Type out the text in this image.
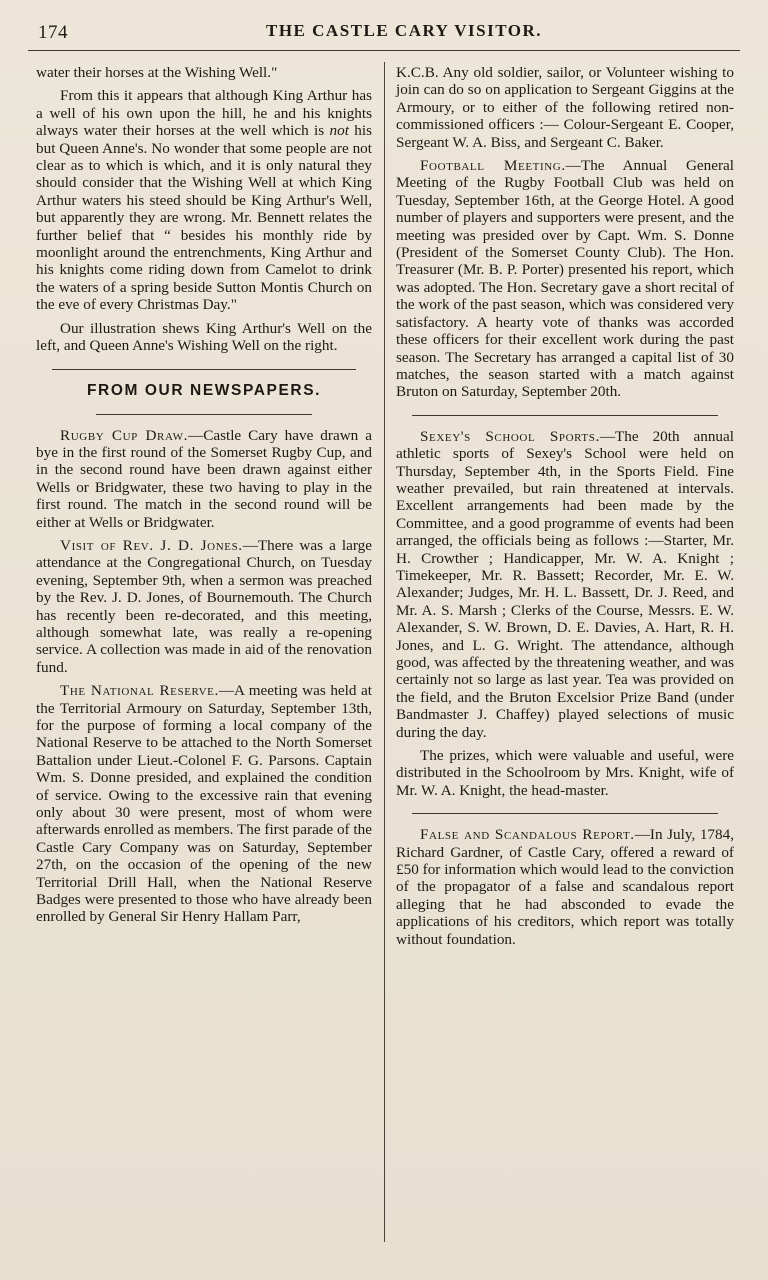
174	THE CASTLE CARY VISITOR.

water their horses at the Wishing Well."

From this it appears that although King Arthur has a well of his own upon the hill, he and his knights always water their horses at the well which is not his but Queen Anne's. No wonder that some people are not clear as to which is which, and it is only natural they should consider that the Wishing Well at which King Arthur waters his steed should be King Arthur's Well, but apparently they are wrong. Mr. Bennett relates the further belief that “ besides his monthly ride by moonlight around the entrenchments, King Arthur and his knights come riding down from Camelot to drink the waters of a spring beside Sutton Montis Church on the eve of every Christmas Day."

Our illustration shews King Arthur's Well on the left, and Queen Anne's Wishing Well on the right.

FROM OUR NEWSPAPERS.

Rugby Cup Draw.—Castle Cary have drawn a bye in the first round of the Somerset Rugby Cup, and in the second round have been drawn against either Wells or Bridgwater, these two having to play in the first round. The match in the second round will be either at Wells or Bridgwater.

Visit of Rev. J. D. Jones.—There was a large attendance at the Congregational Church, on Tuesday evening, September 9th, when a sermon was preached by the Rev. J. D. Jones, of Bournemouth. The Church has recently been re-decorated, and this meeting, although somewhat late, was really a re-opening service. A collection was made in aid of the renovation fund.

The National Reserve.—A meeting was held at the Territorial Armoury on Saturday, September 13th, for the purpose of forming a local company of the National Reserve to be attached to the North Somerset Battalion under Lieut.-Colonel F. G. Parsons. Captain Wm. S. Donne presided, and explained the condition of service. Owing to the excessive rain that evening only about 30 were present, most of whom were afterwards enrolled as members. The first parade of the Castle Cary Company was on Saturday, September 27th, on the occasion of the opening of the new Territorial Drill Hall, when the National Reserve Badges were presented to those who have already been enrolled by General Sir Henry Hallam Parr,

K.C.B. Any old soldier, sailor, or Volunteer wishing to join can do so on application to Sergeant Giggins at the Armoury, or to either of the following retired non-commissioned officers :— Colour-Sergeant E. Cooper, Sergeant W. A. Biss, and Sergeant C. Baker.

Football Meeting.—The Annual General Meeting of the Rugby Football Club was held on Tuesday, September 16th, at the George Hotel. A good number of players and supporters were present, and the meeting was presided over by Capt. Wm. S. Donne (President of the Somerset County Club). The Hon. Treasurer (Mr. B. P. Porter) presented his report, which was adopted. The Hon. Secretary gave a short recital of the work of the past season, which was considered very satisfactory. A hearty vote of thanks was accorded these officers for their excellent work during the past season. The Secretary has arranged a capital list of 30 matches, the season started with a match against Bruton on Saturday, September 20th.

Sexey's School Sports.—The 20th annual athletic sports of Sexey's School were held on Thursday, September 4th, in the Sports Field. Fine weather prevailed, but rain threatened at intervals. Excellent arrangements had been made by the Committee, and a good programme of events had been arranged, the officials being as follows :—Starter, Mr. H. Crowther ; Handicapper, Mr. W. A. Knight ; Timekeeper, Mr. R. Bassett; Recorder, Mr. E. W. Alexander; Judges, Mr. H. L. Bassett, Dr. J. Reed, and Mr. A. S. Marsh ; Clerks of the Course, Messrs. E. W. Alexander, S. W. Brown, D. E. Davies, A. Hart, R. H. Jones, and L. G. Wright. The attendance, although good, was affected by the threatening weather, and was certainly not so large as last year. Tea was provided on the field, and the Bruton Excelsior Prize Band (under Bandmaster J. Chaffey) played selections of music during the day.

The prizes, which were valuable and useful, were distributed in the Schoolroom by Mrs. Knight, wife of Mr. W. A. Knight, the head-master.

False and Scandalous Report.—In July, 1784, Richard Gardner, of Castle Cary, offered a reward of £50 for information which would lead to the conviction of the propagator of a false and scandalous report alleging that he had absconded to evade the applications of his creditors, which report was totally without foundation.
